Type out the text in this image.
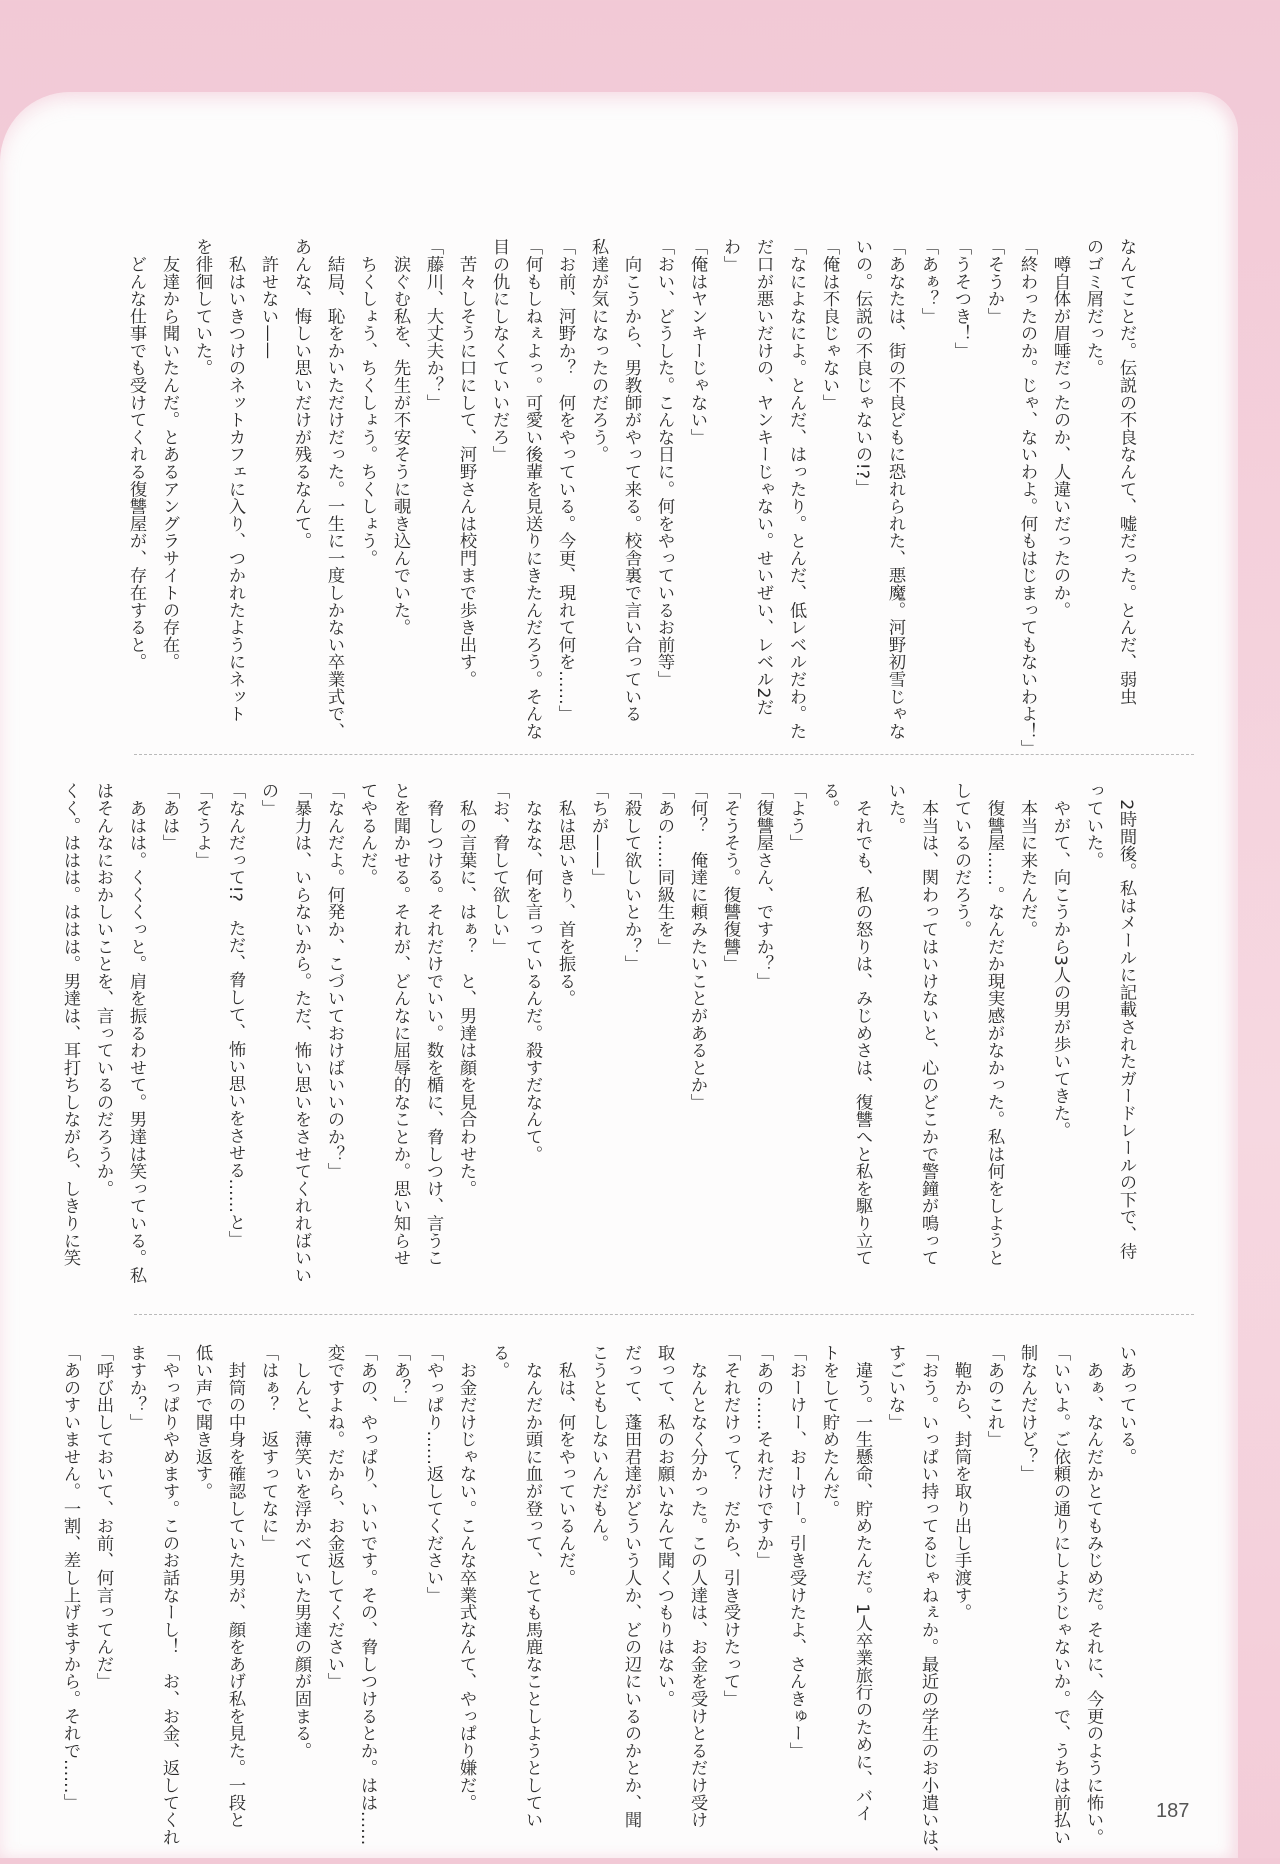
なんてことだ。伝説の不良なんて、嘘だった。とんだ、弱虫
のゴミ屑だった。
　噂自体が眉唾だったのか、人違いだったのか。
「終わったのか。じゃ、ないわよ。何もはじまってもないわよ！」
「そうか」
「うそつき！」
「あぁ？」
「あなたは、街の不良どもに恐れられた、悪魔。河野初雪じゃな
いの。伝説の不良じゃないの!?」
「俺は不良じゃない」
「なによなによ。とんだ、はったり。とんだ、低レベルだわ。た
だ口が悪いだけの、ヤンキーじゃない。せいぜい、レベル2だ
わ」
「俺はヤンキーじゃない」
「おい、どうした。こんな日に。何をやっているお前等」
　向こうから、男教師がやって来る。校舎裏で言い合っている
私達が気になったのだろう。
「お前、河野か？　何をやっている。今更、現れて何を……」
「何もしねぇよっ。可愛い後輩を見送りにきたんだろう。そんな
目の仇にしなくていいだろ」
　苦々しそうに口にして、河野さんは校門まで歩き出す。
「藤川、大丈夫か？」
　涙ぐむ私を、先生が不安そうに覗き込んでいた。
　ちくしょう、ちくしょう。ちくしょう。
　結局、恥をかいただけだった。一生に一度しかない卒業式で、
あんな、悔しい思いだけが残るなんて。
　許せない——
　私はいきつけのネットカフェに入り、つかれたようにネット
を徘徊していた。
　友達から聞いたんだ。とあるアングラサイトの存在。
　どんな仕事でも受けてくれる復讐屋が、存在すると。
　2時間後。私はメールに記載されたガードレールの下で、待
っていた。
　やがて、向こうから3人の男が歩いてきた。
　本当に来たんだ。
　復讐屋……。なんだか現実感がなかった。私は何をしようと
しているのだろう。
　本当は、関わってはいけないと、心のどこかで警鐘が鳴って
いた。
　それでも、私の怒りは、みじめさは、復讐へと私を駆り立て
る。
「よう」
「復讐屋さん、ですか？」
「そうそう。復讐復讐」
「何？　俺達に頼みたいことがあるとか」
「あの……同級生を」
「殺して欲しいとか？」
「ちが——」
　私は思いきり、首を振る。
　ななな、何を言っているんだ。殺すだなんて。
「お、脅して欲しい」
　私の言葉に、はぁ？　と、男達は顔を見合わせた。
　脅しつける。それだけでいい。数を楯に、脅しつけ、言うこ
とを聞かせる。それが、どんなに屈辱的なことか。思い知らせ
てやるんだ。
「なんだよ。何発か、こづいておけばいいのか？」
「暴力は、いらないから。ただ、怖い思いをさせてくれればいい
の」
「なんだって!?　ただ、脅して、怖い思いをさせる……と」
「そうよ」
「あは」
　あはは。くくくっと。肩を振るわせて。男達は笑っている。私
はそんなにおかしいことを、言っているのだろうか。
くく。ははは。ははは。男達は、耳打ちしながら、しきりに笑
いあっている。
　あぁ、なんだかとてもみじめだ。それに、今更のように怖い。
「いいよ。ご依頼の通りにしようじゃないか。で、うちは前払い
制なんだけど？」
「あのこれ」
　鞄から、封筒を取り出し手渡す。
「おう。いっぱい持ってるじゃねぇか。最近の学生のお小遣いは、
すごいな」
　違う。一生懸命、貯めたんだ。1人卒業旅行のために、バイ
トをして貯めたんだ。
「おーけー、おーけー。引き受けたよ、さんきゅー」
「あの……それだけですか」
「それだけって？　だから、引き受けたって」
　なんとなく分かった。この人達は、お金を受けとるだけ受け
取って、私のお願いなんて聞くつもりはない。
だって、蓬田君達がどういう人か、どの辺にいるのかとか、聞
こうともしないんだもん。
　私は、何をやっているんだ。
　なんだか頭に血が登って、とても馬鹿なことしようとしてい
る。
　お金だけじゃない。こんな卒業式なんて、やっぱり嫌だ。
「やっぱり……返してください」
「あ？」
「あの、やっぱり、いいです。その、脅しつけるとか。はは……
変ですよね。だから、お金返してください」
　しんと、薄笑いを浮かべていた男達の顔が固まる。
「はぁ？　返すってなに」
　封筒の中身を確認していた男が、顔をあげ私を見た。一段と
低い声で聞き返す。
「やっぱりやめます。このお話なーし！　お、お金、返してくれ
ますか？」
「呼び出しておいて、お前、何言ってんだ」
「あのすいません。一割、差し上げますから。それで……」
187
